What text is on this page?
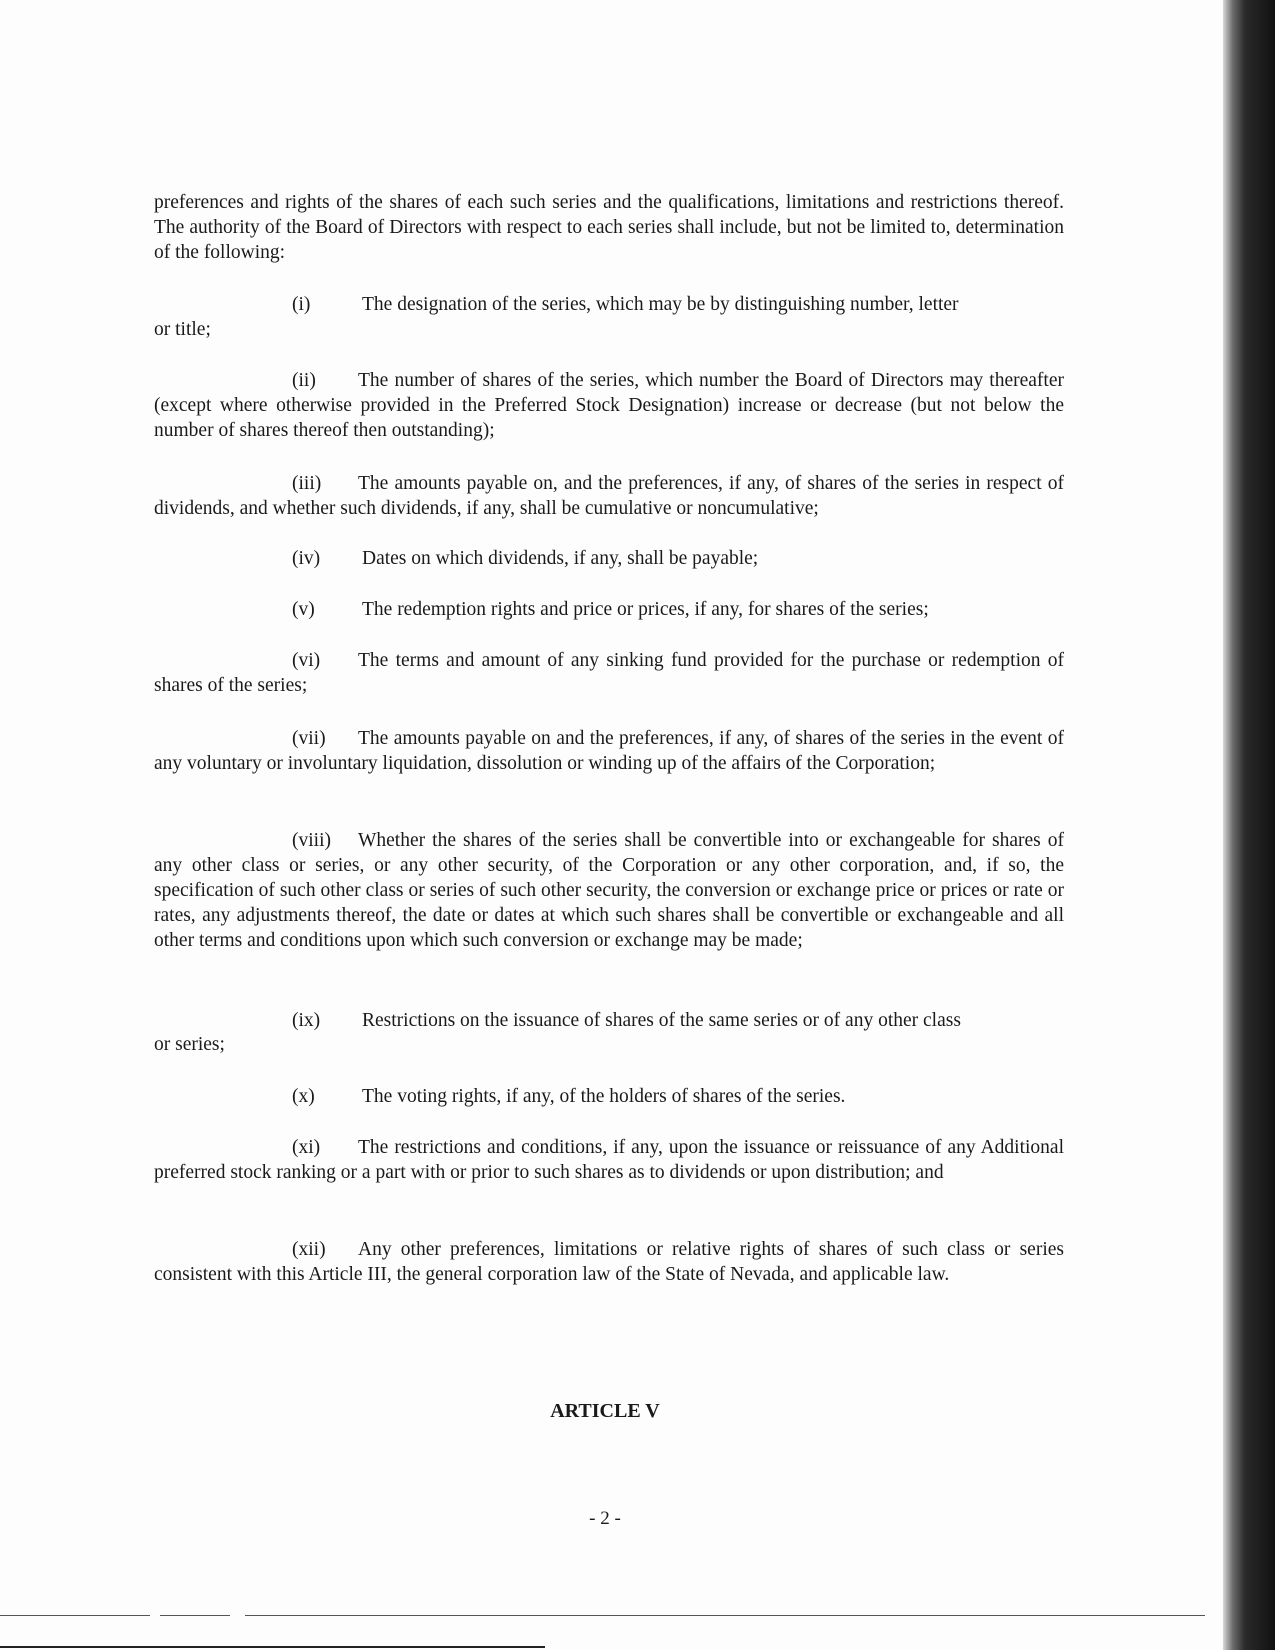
preferences and rights of the shares of each such series and the qualifications, limitations and restrictions thereof. The authority of the Board of Directors with respect to each series shall include, but not be limited to, determination of the following:
(i)	The designation of the series, which may be by distinguishing number, letter
or title;
(ii) The number of shares of the series, which number the Board of Directors may thereafter (except where otherwise provided in the Preferred Stock Designation) increase or decrease (but not below the number of shares thereof then outstanding);
(iii) The amounts payable on, and the preferences, if any, of shares of the series in respect of dividends, and whether such dividends, if any, shall be cumulative or noncumulative;
(iv) Dates on which dividends, if any, shall be payable;
(v) The redemption rights and price or prices, if any, for shares of the series;
(vi) The terms and amount of any sinking fund provided for the purchase or redemption of shares of the series;
(vii) The amounts payable on and the preferences, if any, of shares of the series in the event of any voluntary or involuntary liquidation, dissolution or winding up of the affairs of the Corporation;
(viii) Whether the shares of the series shall be convertible into or exchangeable for shares of any other class or series, or any other security, of the Corporation or any other corporation, and, if so, the specification of such other class or series of such other security, the conversion or exchange price or prices or rate or rates, any adjustments thereof, the date or dates at which such shares shall be convertible or exchangeable and all other terms and conditions upon which such conversion or exchange may be made;
(ix) Restrictions on the issuance of shares of the same series or of any other class
or series;
(x) The voting rights, if any, of the holders of shares of the series.
(xi) The restrictions and conditions, if any, upon the issuance or reissuance of any Additional preferred stock ranking or a part with or prior to such shares as to dividends or upon distribution; and
(xii) Any other preferences, limitations or relative rights of shares of such class or series consistent with this Article III, the general corporation law of the State of Nevada, and applicable law.
ARTICLE V
- 2 -
